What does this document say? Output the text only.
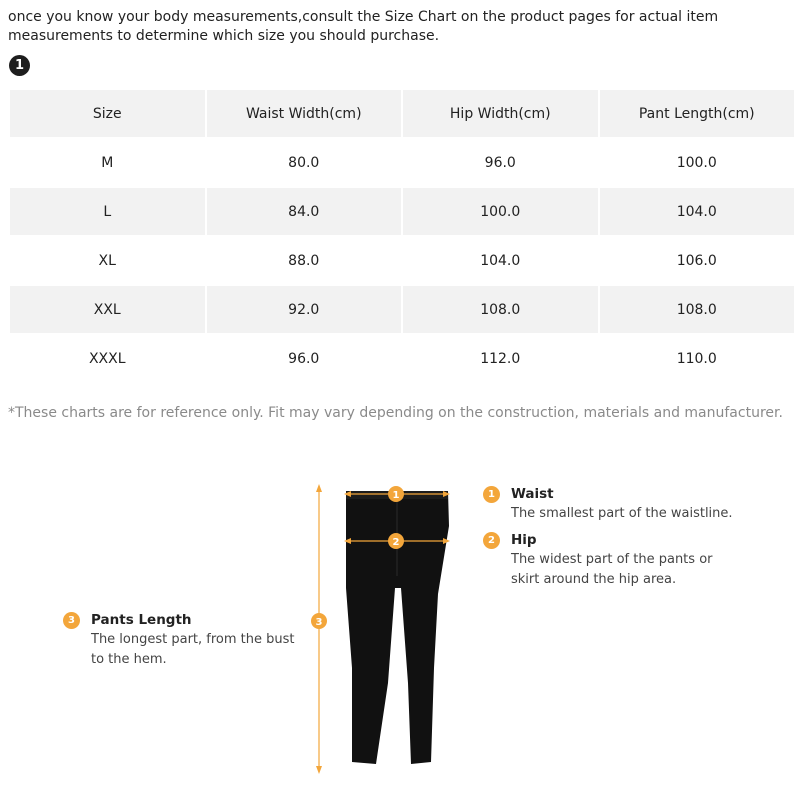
once you know your body measurements,consult the Size Chart on the product pages for actual item measurements to determine which size you should purchase.
1
Size	Waist Width(cm)	Hip Width(cm)	Pant Length(cm)
M	80.0	96.0	100.0
L	84.0	100.0	104.0
XL	88.0	104.0	106.0
XXL	92.0	108.0	108.0
XXXL	96.0	112.0	110.0
*These charts are for reference only. Fit may vary depending on the construction, materials and manufacturer.
1
2
3
1	Waist
The smallest part of the waistline.
2	Hip
The widest part of the pants or skirt around the hip area.
3	Pants Length
The longest part, from the bust to the hem.
